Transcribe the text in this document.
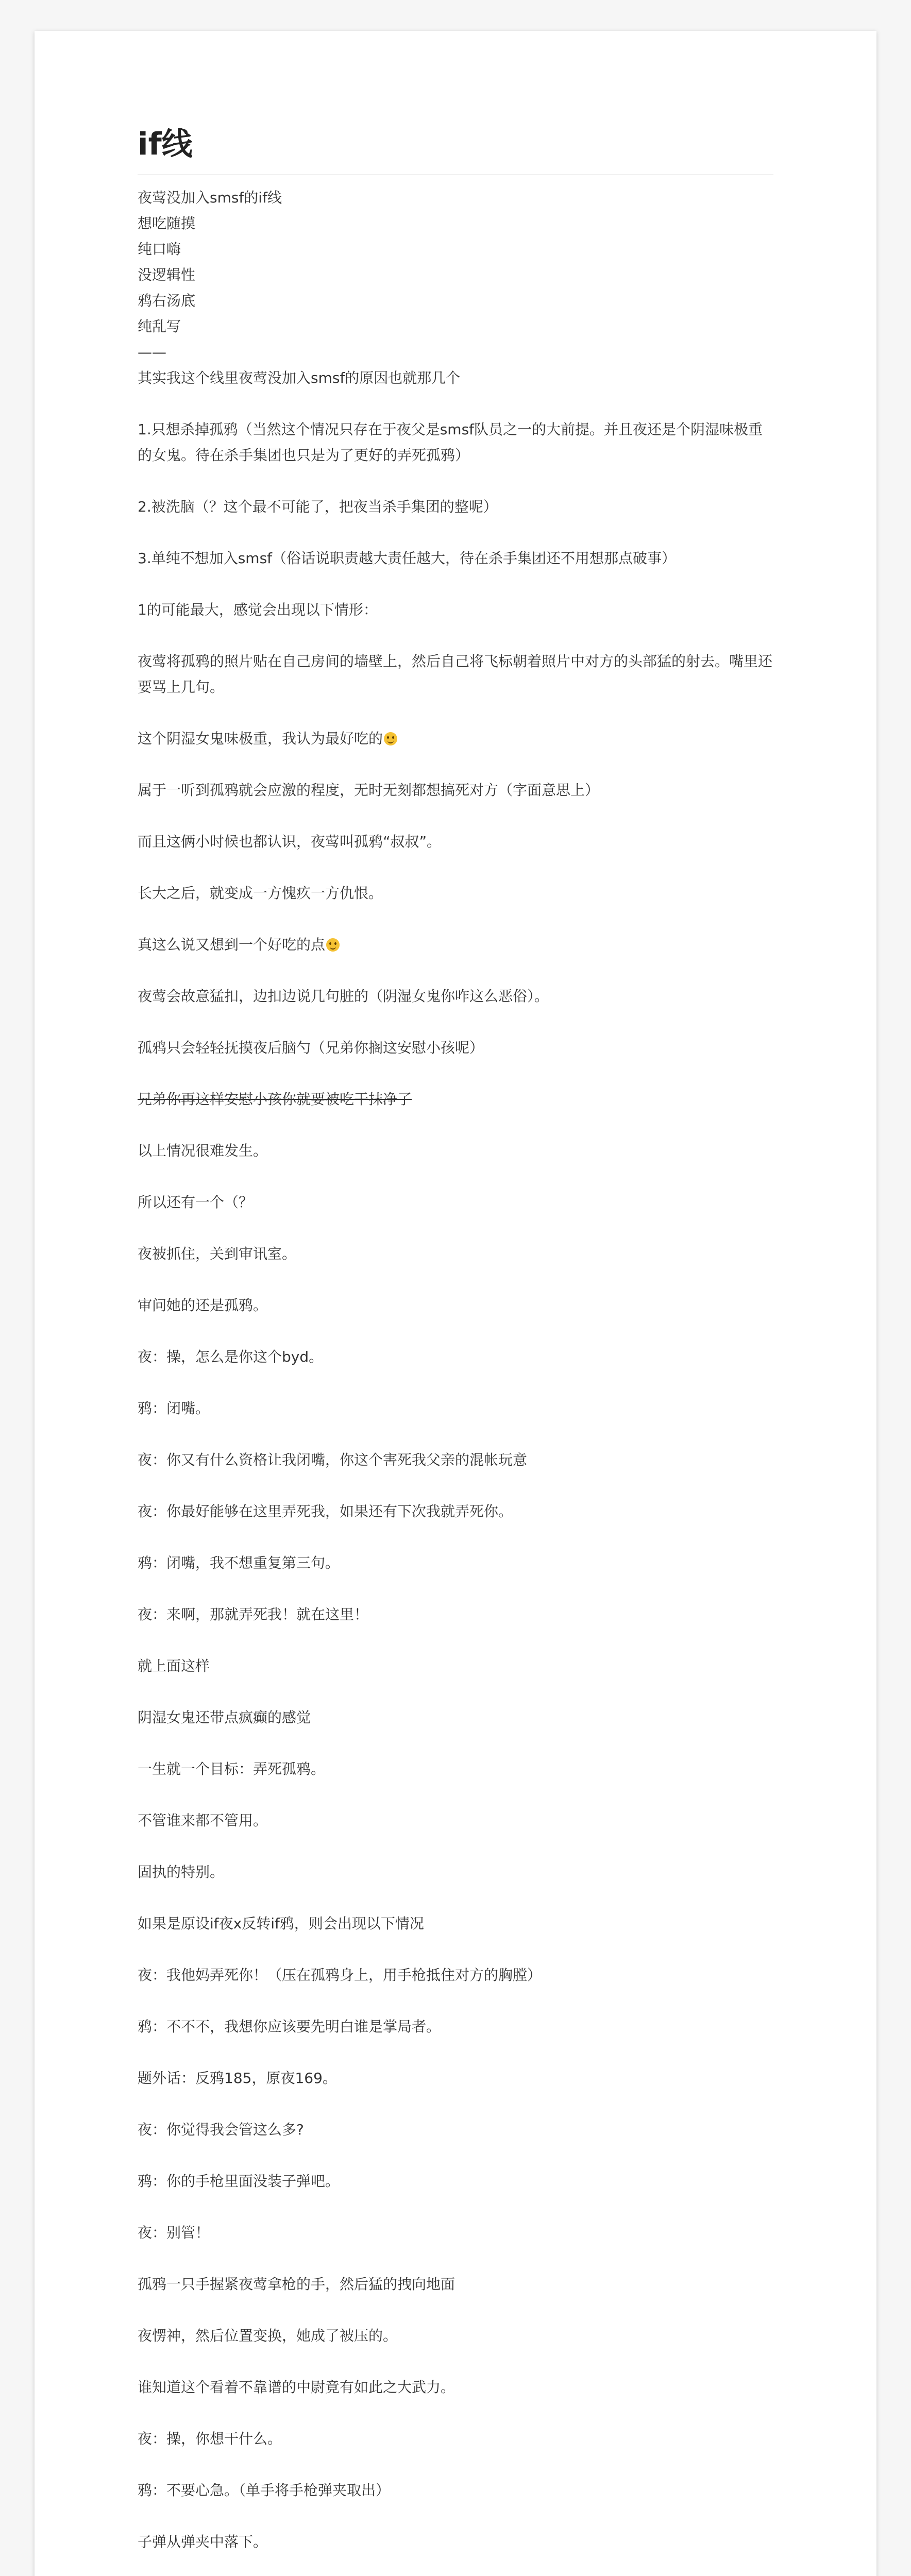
if线
夜莺没加入smsf的if线
想吃随摸
纯口嗨
没逻辑性
鸦右汤底
纯乱写
——

其实我这个线里夜莺没加入smsf的原因也就那几个

1.只想杀掉孤鸦（当然这个情况只存在于夜父是smsf队员之一的大前提。并且夜还是个阴湿味极重的女鬼。待在杀手集团也只是为了更好的弄死孤鸦）

2.被洗脑（？这个最不可能了，把夜当杀手集团的整呢）

3.单纯不想加入smsf（俗话说职责越大责任越大，待在杀手集团还不用想那点破事）

1的可能最大，感觉会出现以下情形：

夜莺将孤鸦的照片贴在自己房间的墙壁上，然后自己将飞标朝着照片中对方的头部猛的射去。嘴里还要骂上几句。

这个阴湿女鬼味极重，我认为最好吃的

属于一听到孤鸦就会应激的程度，无时无刻都想搞死对方（字面意思上）

而且这俩小时候也都认识，夜莺叫孤鸦“叔叔”。

长大之后，就变成一方愧疚一方仇恨。

真这么说又想到一个好吃的点

夜莺会故意猛扣，边扣边说几句脏的（阴湿女鬼你咋这么恶俗）。

孤鸦只会轻轻抚摸夜后脑勺（兄弟你搁这安慰小孩呢）

兄弟你再这样安慰小孩你就要被吃干抹净了

以上情况很难发生。

所以还有一个（？

夜被抓住，关到审讯室。

审问她的还是孤鸦。

夜：操，怎么是你这个byd。

鸦：闭嘴。

夜：你又有什么资格让我闭嘴，你这个害死我父亲的混帐玩意

夜：你最好能够在这里弄死我，如果还有下次我就弄死你。

鸦：闭嘴，我不想重复第三句。

夜：来啊，那就弄死我！就在这里！

就上面这样

阴湿女鬼还带点疯癫的感觉

一生就一个目标：弄死孤鸦。

不管谁来都不管用。

固执的特别。

如果是原设if夜x反转if鸦，则会出现以下情况

夜：我他妈弄死你！（压在孤鸦身上，用手枪抵住对方的胸膛）

鸦：不不不，我想你应该要先明白谁是掌局者。

题外话：反鸦185，原夜169。

夜：你觉得我会管这么多?

鸦：你的手枪里面没装子弹吧。

夜：别管！

孤鸦一只手握紧夜莺拿枪的手，然后猛的拽向地面

夜愣神，然后位置变换，她成了被压的。

谁知道这个看着不靠谱的中尉竟有如此之大武力。

夜：操，你想干什么。

鸦：不要心急。（单手将手枪弹夹取出）

子弹从弹夹中落下。
